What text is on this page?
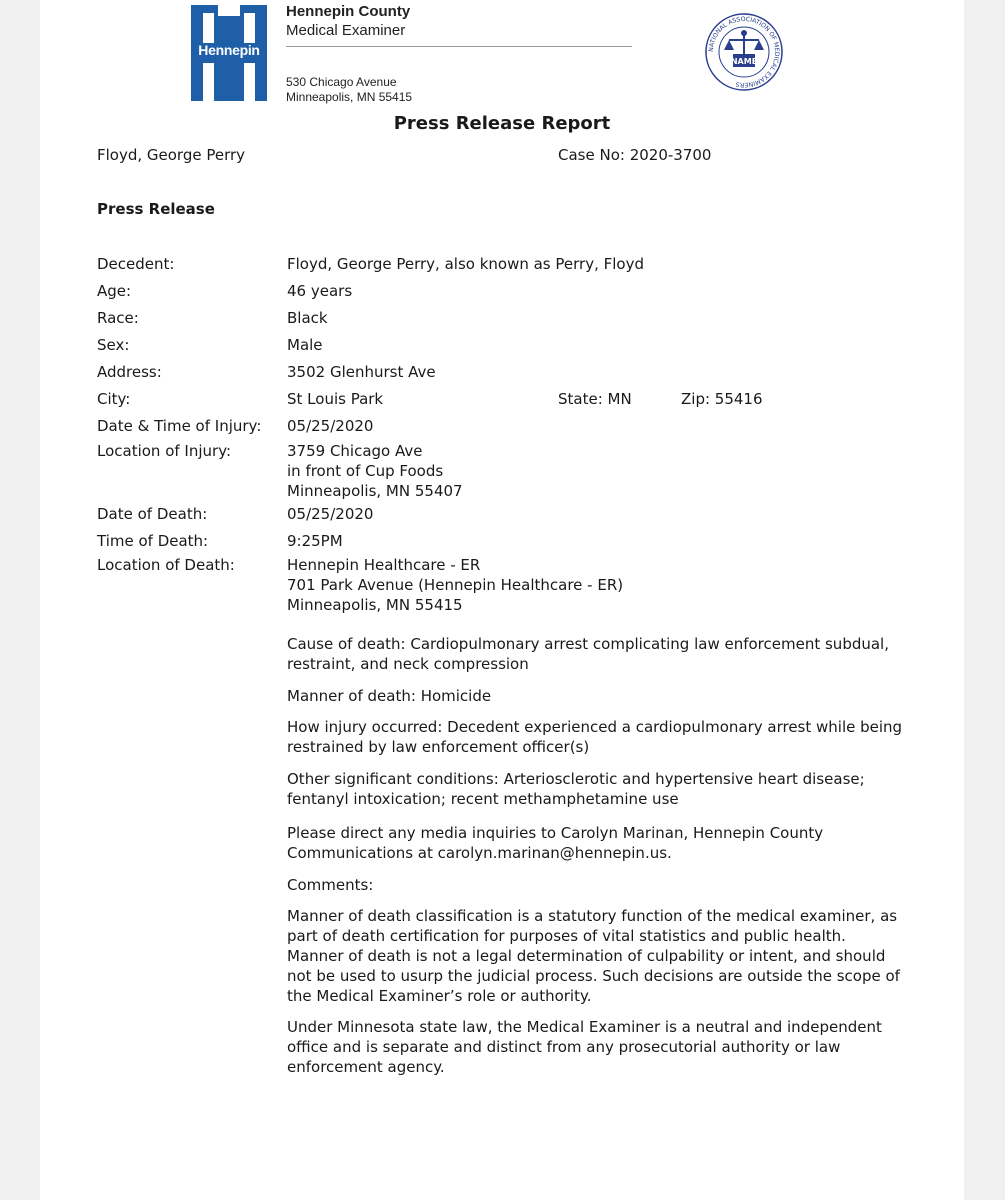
Hennepin
Hennepin County
Medical Examiner
530 Chicago Avenue
Minneapolis, MN 55415
NATIONAL ASSOCIATION OF MEDICAL EXAMINERS
NAME
Press Release Report
Floyd, George Perry	Case No: 2020-3700
Press Release
Decedent:	Floyd, George Perry, also known as Perry, Floyd
Age:	46 years
Race:	Black
Sex:	Male
Address:	3502 Glenhurst Ave
City:	St Louis Park	State: MN	Zip: 55416
Date & Time of Injury: 05/25/2020
Location of Injury:	3759 Chicago Ave
in front of Cup Foods
Minneapolis, MN 55407
Date of Death:	05/25/2020
Time of Death:	9:25PM
Location of Death:	Hennepin Healthcare - ER
701 Park Avenue (Hennepin Healthcare - ER)
Minneapolis, MN 55415
Cause of death: Cardiopulmonary arrest complicating law enforcement subdual, restraint, and neck compression
Manner of death: Homicide
How injury occurred: Decedent experienced a cardiopulmonary arrest while being restrained by law enforcement officer(s)
Other significant conditions: Arteriosclerotic and hypertensive heart disease; fentanyl intoxication; recent methamphetamine use
Please direct any media inquiries to Carolyn Marinan, Hennepin County Communications at carolyn.marinan@hennepin.us.
Comments:
Manner of death classification is a statutory function of the medical examiner, as part of death certification for purposes of vital statistics and public health. Manner of death is not a legal determination of culpability or intent, and should not be used to usurp the judicial process. Such decisions are outside the scope of the Medical Examiner’s role or authority.
Under Minnesota state law, the Medical Examiner is a neutral and independent office and is separate and distinct from any prosecutorial authority or law enforcement agency.
